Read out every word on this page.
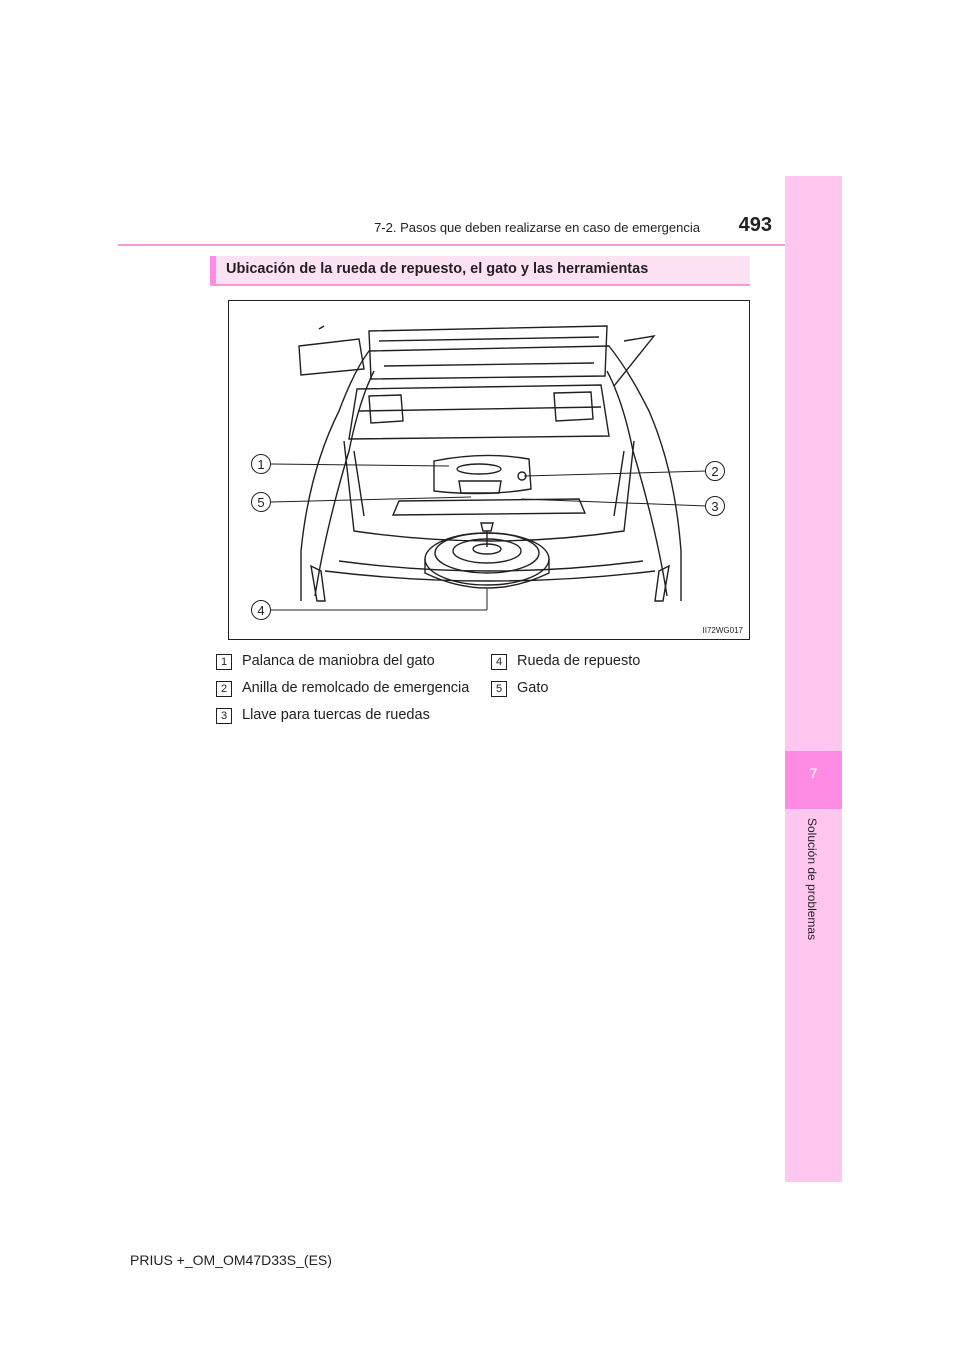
7
Solución de problemas
7-2. Pasos que deben realizarse en caso de emergencia	493
Ubicación de la rueda de repuesto, el gato y las herramientas
1	2
5	3
4
II72WG017
1	Palanca de maniobra del gato
2	Anilla de remolcado de emergencia
3	Llave para tuercas de ruedas
4	Rueda de repuesto
5	Gato
PRIUS +_OM_OM47D33S_(ES)
